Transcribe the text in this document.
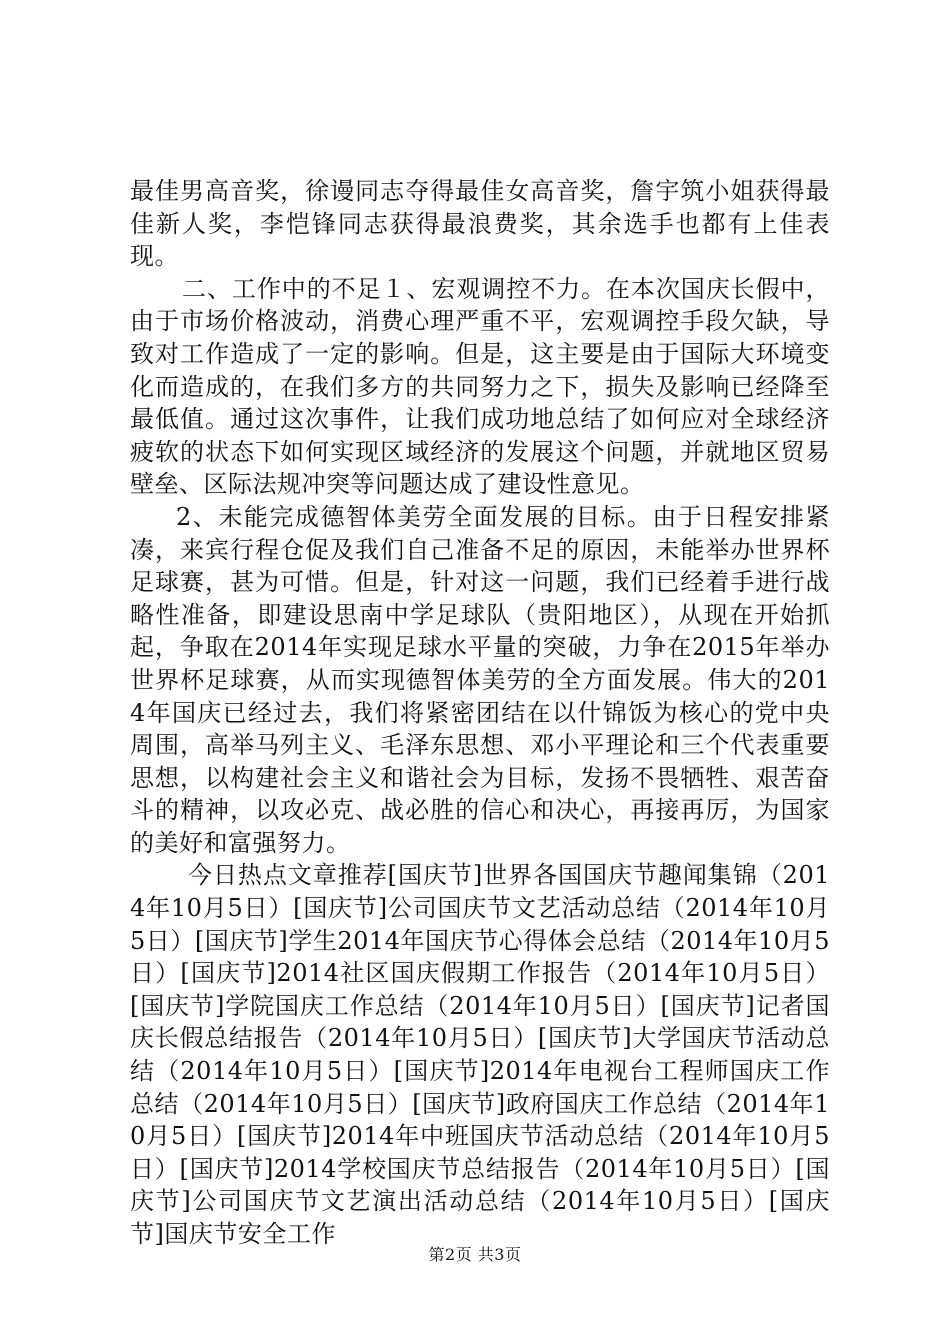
最佳男高音奖，徐谩同志夺得最佳女高音奖，詹宇筑小姐获得最佳新人奖，李恺锋同志获得最浪费奖，其余选手也都有上佳表现。

二、工作中的不足１、宏观调控不力。在本次国庆长假中，由于市场价格波动，消费心理严重不平，宏观调控手段欠缺，导致对工作造成了一定的影响。但是，这主要是由于国际大环境变化而造成的，在我们多方的共同努力之下，损失及影响已经降至最低值。通过这次事件，让我们成功地总结了如何应对全球经济疲软的状态下如何实现区域经济的发展这个问题，并就地区贸易壁垒、区际法规冲突等问题达成了建设性意见。

2、未能完成德智体美劳全面发展的目标。由于日程安排紧凑，来宾行程仓促及我们自己准备不足的原因，未能举办世界杯足球赛，甚为可惜。但是，针对这一问题，我们已经着手进行战略性准备，即建设思南中学足球队（贵阳地区），从现在开始抓起，争取在2014年实现足球水平量的突破，力争在2015年举办世界杯足球赛，从而实现德智体美劳的全方面发展。伟大的2014年国庆已经过去，我们将紧密团结在以什锦饭为核心的党中央周围，高举马列主义、毛泽东思想、邓小平理论和三个代表重要思想，以构建社会主义和谐社会为目标，发扬不畏牺牲、艰苦奋斗的精神，以攻必克、战必胜的信心和决心，再接再厉，为国家的美好和富强努力。

今日热点文章推荐[国庆节]世界各国国庆节趣闻集锦（2014年10月5日）[国庆节]公司国庆节文艺活动总结（2014年10月5日）[国庆节]学生2014年国庆节心得体会总结（2014年10月5日）[国庆节]2014社区国庆假期工作报告（2014年10月5日）[国庆节]学院国庆工作总结（2014年10月5日）[国庆节]记者国庆长假总结报告（2014年10月5日）[国庆节]大学国庆节活动总结（2014年10月5日）[国庆节]2014年电视台工程师国庆工作总结（2014年10月5日）[国庆节]政府国庆工作总结（2014年10月5日）[国庆节]2014年中班国庆节活动总结（2014年10月5日）[国庆节]2014学校国庆节总结报告（2014年10月5日）[国庆节]公司国庆节文艺演出活动总结（2014年10月5日）[国庆节]国庆节安全工作

第2页 共3页
